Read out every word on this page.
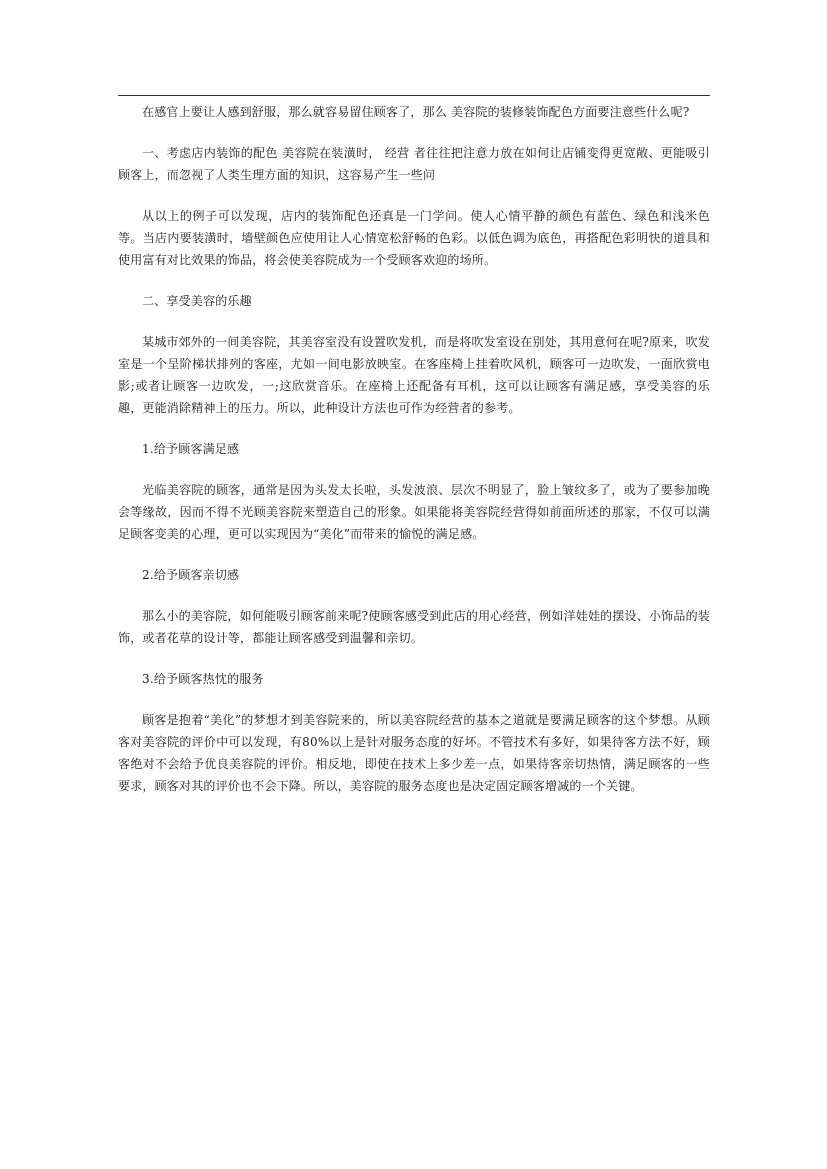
在感官上要让人感到舒服，那么就容易留住顾客了，那么 美容院的装修装饰配色方面要注意些什么呢?

一、考虑店内装饰的配色 美容院在装潢时， 经营 者往往把注意力放在如何让店铺变得更宽敞、更能吸引顾客上，而忽视了人类生理方面的知识，这容易产生一些问

从以上的例子可以发现，店内的装饰配色还真是一门学问。使人心情平静的颜色有蓝色、绿色和浅米色等。当店内要装潢时，墙壁颜色应使用让人心情宽松舒畅的色彩。以低色调为底色，再搭配色彩明快的道具和使用富有对比效果的饰品，将会使美容院成为一个受顾客欢迎的场所。

二、享受美容的乐趣

某城市郊外的一间美容院，其美容室没有设置吹发机，而是将吹发室设在别处，其用意何在呢?原来，吹发室是一个呈阶梯状排列的客座，尤如一间电影放映室。在客座椅上挂着吹风机，顾客可一边吹发，一面欣赏电影;或者让顾客一边吹发，一;这欣赏音乐。在座椅上还配备有耳机，这可以让顾客有满足感，享受美容的乐趣，更能消除精神上的压力。所以，此种设计方法也可作为经营者的参考。

1.给予顾客满足感

光临美容院的顾客，通常是因为头发太长啦，头发波浪、层次不明显了，脸上皱纹多了，或为了要参加晚会等缘故，因而不得不光顾美容院来塑造自己的形象。如果能将美容院经营得如前面所述的那家，不仅可以满足顾客变美的心理，更可以实现因为“美化”而带来的愉悦的满足感。

2.给予顾客亲切感

那么小的美容院，如何能吸引顾客前来呢?使顾客感受到此店的用心经营，例如洋娃娃的摆设、小饰品的装饰，或者花草的设计等，都能让顾客感受到温馨和亲切。

3.给予顾客热忱的服务

顾客是抱着“美化”的梦想才到美容院来的，所以美容院经营的基本之道就是要满足顾客的这个梦想。从顾客对美容院的评价中可以发现，有80%以上是针对服务态度的好坏。不管技术有多好，如果待客方法不好，顾客绝对不会给予优良美容院的评价。相反地，即使在技术上多少差一点，如果待客亲切热情，满足顾客的一些要求，顾客对其的评价也不会下降。所以，美容院的服务态度也是决定固定顾客增减的一个关键。
